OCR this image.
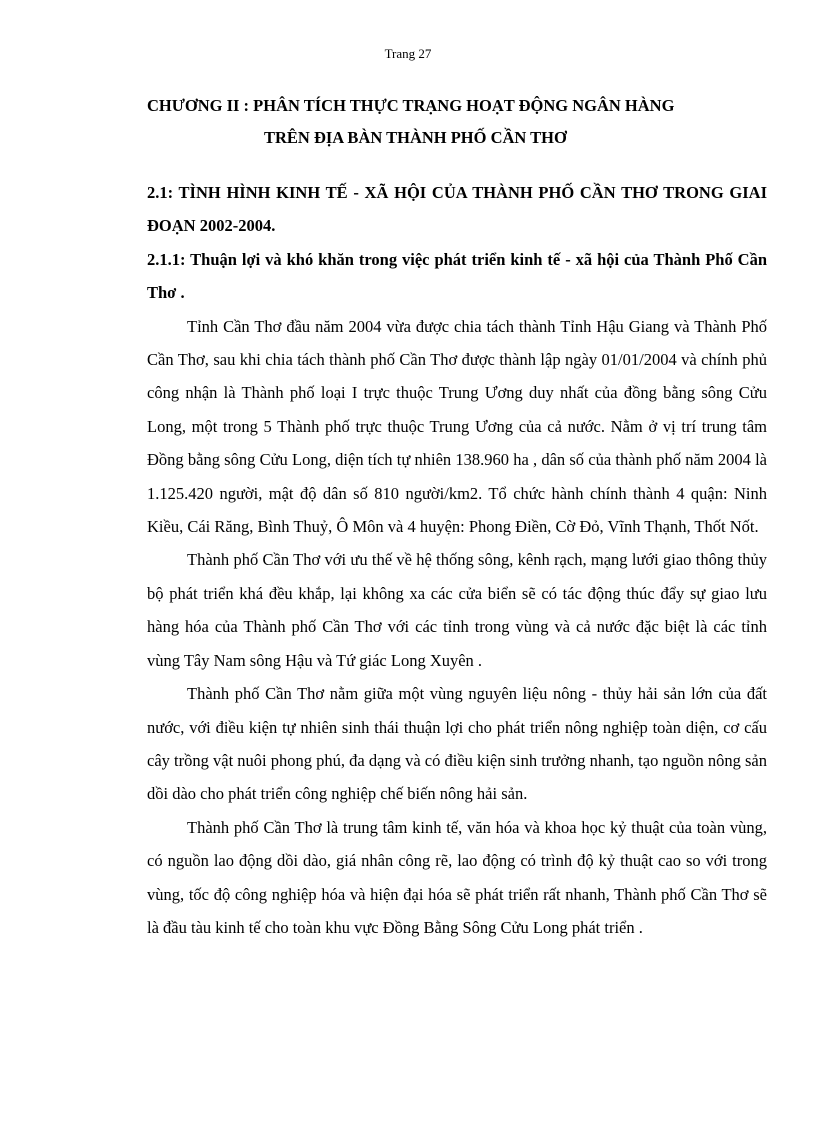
Trang 27
CHƯƠNG II : PHÂN TÍCH THỰC TRẠNG HOẠT ĐỘNG NGÂN HÀNG
TRÊN ĐỊA BÀN THÀNH PHỐ CẦN THƠ
2.1: TÌNH HÌNH KINH TẾ - XÃ HỘI CỦA THÀNH PHỐ CẦN THƠ TRONG GIAI ĐOẠN 2002-2004.
2.1.1: Thuận lợi và khó khăn trong việc phát triển kinh tế - xã hội của Thành Phố Cần Thơ .

Tỉnh Cần Thơ đầu năm 2004 vừa được chia tách thành Tỉnh Hậu Giang và Thành Phố Cần Thơ, sau khi chia tách thành phố Cần Thơ được thành lập ngày 01/01/2004 và chính phủ công nhận là Thành phố loại I trực thuộc Trung Ương duy nhất của đồng bằng sông Cửu Long, một trong 5 Thành phố trực thuộc Trung Ương của cả nước. Nằm ở vị trí trung tâm Đồng bằng sông Cửu Long, diện tích tự nhiên 138.960 ha , dân số của thành phố năm 2004 là 1.125.420 người, mật độ dân số 810 người/km2. Tổ chức hành chính thành 4 quận: Ninh Kiều, Cái Răng, Bình Thuỷ, Ô Môn và 4 huyện: Phong Điền, Cờ Đỏ, Vĩnh Thạnh, Thốt Nốt.

Thành phố Cần Thơ với ưu thế về hệ thống sông, kênh rạch, mạng lưới giao thông thủy bộ phát triển khá đều khắp, lại không xa các cửa biển sẽ có tác động thúc đẩy sự giao lưu hàng hóa của Thành phố Cần Thơ với các tỉnh trong vùng và cả nước đặc biệt là các tỉnh vùng Tây Nam sông Hậu và Tứ giác Long Xuyên .

Thành phố Cần Thơ nằm giữa một vùng nguyên liệu nông - thủy hải sản lớn của đất nước, với điều kiện tự nhiên sinh thái thuận lợi cho phát triển nông nghiệp toàn diện, cơ cấu cây trồng vật nuôi phong phú, đa dạng và có điều kiện sinh trưởng nhanh, tạo nguồn nông sản dồi dào cho phát triển công nghiệp chế biến nông hải sản.

Thành phố Cần Thơ là trung tâm kinh tế, văn hóa và khoa học kỷ thuật của toàn vùng, có nguồn lao động dồi dào, giá nhân công rẽ, lao động có trình độ kỷ thuật cao so với trong vùng, tốc độ công nghiệp hóa và hiện đại hóa sẽ phát triển rất nhanh, Thành phố Cần Thơ sẽ là đầu tàu kinh tế cho toàn khu vực Đồng Bằng Sông Cửu Long phát triển .
